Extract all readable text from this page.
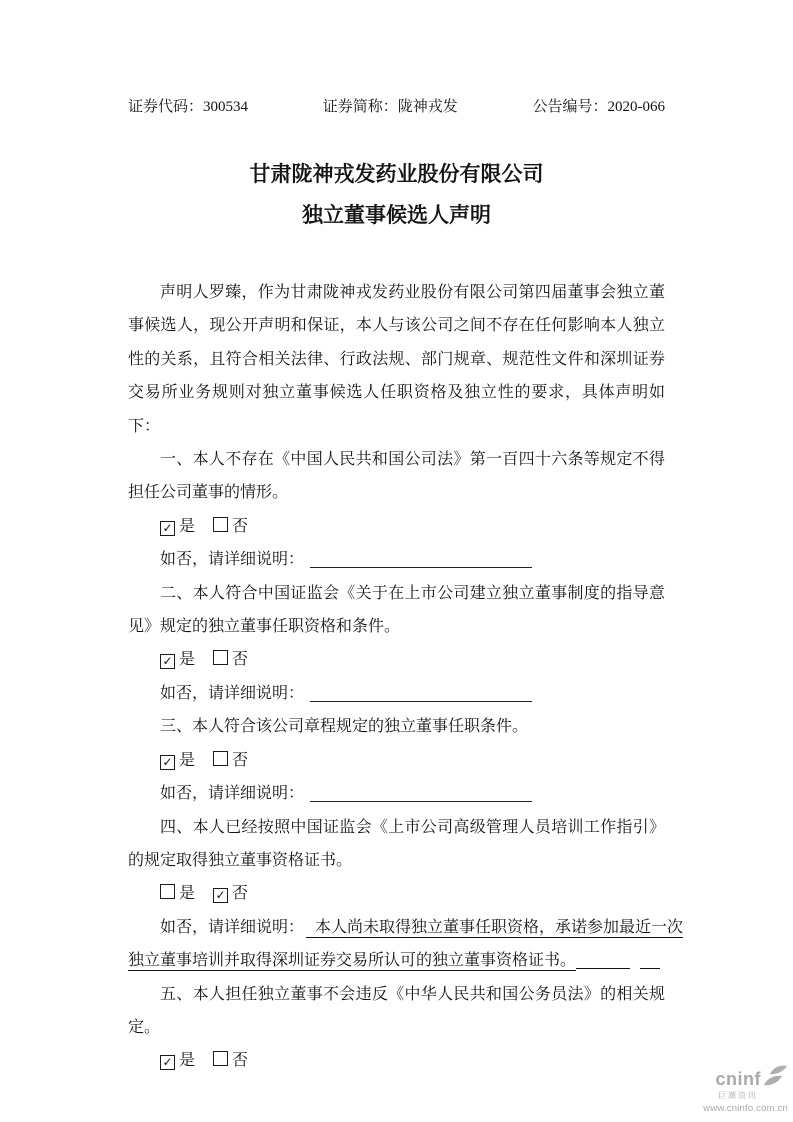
证券代码：300534	证券简称：陇神戎发	公告编号：2020-066
甘肃陇神戎发药业股份有限公司
独立董事候选人声明

声明人罗臻，作为甘肃陇神戎发药业股份有限公司第四届董事会独立董事候选人，现公开声明和保证，本人与该公司之间不存在任何影响本人独立性的关系，且符合相关法律、行政法规、部门规章、规范性文件和深圳证券交易所业务规则对独立董事候选人任职资格及独立性的要求，具体声明如下：

一、本人不存在《中国人民共和国公司法》第一百四十六条等规定不得担任公司董事的情形。

✓ 是 否
如否，请详细说明：

二、本人符合中国证监会《关于在上市公司建立独立董事制度的指导意见》规定的独立董事任职资格和条件。

✓ 是 否
如否，请详细说明：

三、本人符合该公司章程规定的独立董事任职条件。

✓ 是 否
如否，请详细说明：

四、本人已经按照中国证监会《上市公司高级管理人员培训工作指引》的规定取得独立董事资格证书。

是 ✓ 否
如否，请详细说明： 本人尚未取得独立董事任职资格，承诺参加最近一次
独立董事培训并取得深圳证券交易所认可的独立董事资格证书。

五、本人担任独立董事不会违反《中华人民共和国公务员法》的相关规定。

✓ 是 否
cninf
巨潮资讯
www.cninfo.com.cn
